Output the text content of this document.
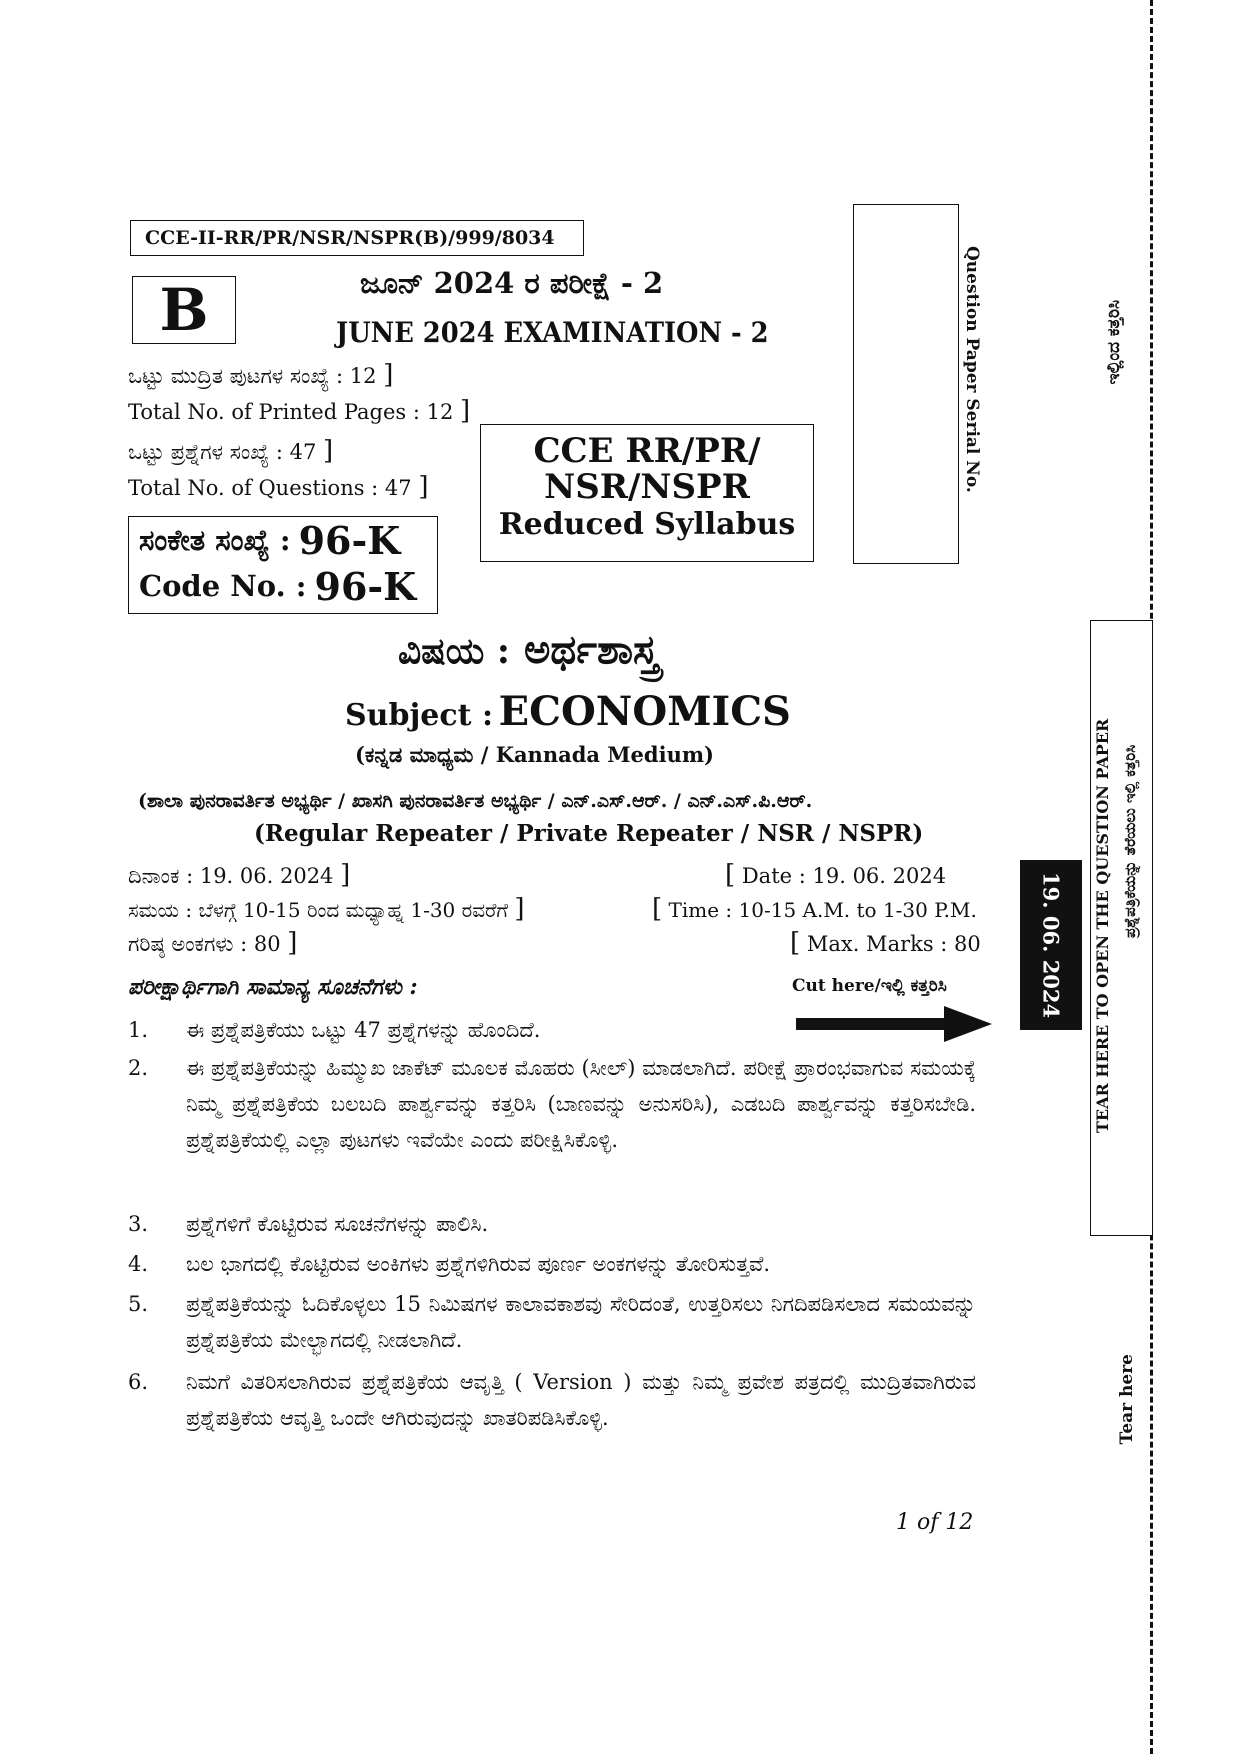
CCE-II-RR/PR/NSR/NSPR(B)/999/8034
B	ಜೂನ್ 2024 ರ ಪರೀಕ್ಷೆ - 2
JUNE 2024 EXAMINATION - 2
ಒಟ್ಟು ಮುದ್ರಿತ ಪುಟಗಳ ಸಂಖ್ಯೆ : 12 ]
Total No. of Printed Pages : 12 ]
ಒಟ್ಟು ಪ್ರಶ್ನೆಗಳ ಸಂಖ್ಯೆ : 47 ]
Total No. of Questions : 47 ]
CCE RR/PR/
NSR/NSPR
Reduced Syllabus
ಸಂಕೇತ ಸಂಖ್ಯೆ : 96-K
Code No. : 96-K
Question Paper Serial No.
ವಿಷಯ : ಅರ್ಥಶಾಸ್ತ್ರ
Subject : ECONOMICS
(ಕನ್ನಡ ಮಾಧ್ಯಮ / Kannada Medium)
(ಶಾಲಾ ಪುನರಾವರ್ತಿತ ಅಭ್ಯರ್ಥಿ / ಖಾಸಗಿ ಪುನರಾವರ್ತಿತ ಅಭ್ಯರ್ಥಿ / ಎನ್.ಎಸ್.ಆರ್. / ಎನ್.ಎಸ್.ಪಿ.ಆರ್.
(Regular Repeater / Private Repeater / NSR / NSPR)
ದಿನಾಂಕ : 19. 06. 2024 ]	[ Date : 19. 06. 2024
ಸಮಯ : ಬೆಳಗ್ಗೆ 10-15 ರಿಂದ ಮಧ್ಯಾಹ್ನ 1-30 ರವರೆಗೆ ]	[ Time : 10-15 A.M. to 1-30 P.M.
ಗರಿಷ್ಠ ಅಂಕಗಳು : 80 ]	[ Max. Marks : 80
ಪರೀಕ್ಷಾರ್ಥಿಗಾಗಿ ಸಾಮಾನ್ಯ ಸೂಚನೆಗಳು :	Cut here/ಇಲ್ಲಿ ಕತ್ತರಿಸಿ
1.	ಈ ಪ್ರಶ್ನೆಪತ್ರಿಕೆಯು ಒಟ್ಟು 47 ಪ್ರಶ್ನೆಗಳನ್ನು ಹೊಂದಿದೆ.
2.	ಈ ಪ್ರಶ್ನೆಪತ್ರಿಕೆಯನ್ನು ಹಿಮ್ಮುಖ ಜಾಕೆಟ್ ಮೂಲಕ ಮೊಹರು (ಸೀಲ್) ಮಾಡಲಾಗಿದೆ. ಪರೀಕ್ಷೆ ಪ್ರಾರಂಭವಾಗುವ ಸಮಯಕ್ಕೆ ನಿಮ್ಮ ಪ್ರಶ್ನೆಪತ್ರಿಕೆಯ ಬಲಬದಿ ಪಾರ್ಶ್ವವನ್ನು ಕತ್ತರಿಸಿ (ಬಾಣವನ್ನು ಅನುಸರಿಸಿ), ಎಡಬದಿ ಪಾರ್ಶ್ವವನ್ನು ಕತ್ತರಿಸಬೇಡಿ. ಪ್ರಶ್ನೆಪತ್ರಿಕೆಯಲ್ಲಿ ಎಲ್ಲಾ ಪುಟಗಳು ಇವೆಯೇ ಎಂದು ಪರೀಕ್ಷಿಸಿಕೊಳ್ಳಿ.
3.	ಪ್ರಶ್ನೆಗಳಿಗೆ ಕೊಟ್ಟಿರುವ ಸೂಚನೆಗಳನ್ನು ಪಾಲಿಸಿ.
4.	ಬಲ ಭಾಗದಲ್ಲಿ ಕೊಟ್ಟಿರುವ ಅಂಕಿಗಳು ಪ್ರಶ್ನೆಗಳಿಗಿರುವ ಪೂರ್ಣ ಅಂಕಗಳನ್ನು ತೋರಿಸುತ್ತವೆ.
5.	ಪ್ರಶ್ನೆಪತ್ರಿಕೆಯನ್ನು ಓದಿಕೊಳ್ಳಲು 15 ನಿಮಿಷಗಳ ಕಾಲಾವಕಾಶವು ಸೇರಿದಂತೆ, ಉತ್ತರಿಸಲು ನಿಗದಿಪಡಿಸಲಾದ ಸಮಯವನ್ನು ಪ್ರಶ್ನೆಪತ್ರಿಕೆಯ ಮೇಲ್ಭಾಗದಲ್ಲಿ ನೀಡಲಾಗಿದೆ.
6.	ನಿಮಗೆ ವಿತರಿಸಲಾಗಿರುವ ಪ್ರಶ್ನೆಪತ್ರಿಕೆಯ ಆವೃತ್ತಿ ( Version ) ಮತ್ತು ನಿಮ್ಮ ಪ್ರವೇಶ ಪತ್ರದಲ್ಲಿ ಮುದ್ರಿತವಾಗಿರುವ ಪ್ರಶ್ನೆಪತ್ರಿಕೆಯ ಆವೃತ್ತಿ ಒಂದೇ ಆಗಿರುವುದನ್ನು ಖಾತರಿಪಡಿಸಿಕೊಳ್ಳಿ.
1 of 12
ಇಲ್ಲಿಂದ ಕತ್ತರಿಸಿ
19. 06. 2024 TEAR HERE TO OPEN THE QUESTION PAPER ಪ್ರಶ್ನೆಪತ್ರಿಕೆಯನ್ನು ತೆರೆಯಲು ಇಲ್ಲಿ ಕತ್ತರಿಸಿ
Tear here
